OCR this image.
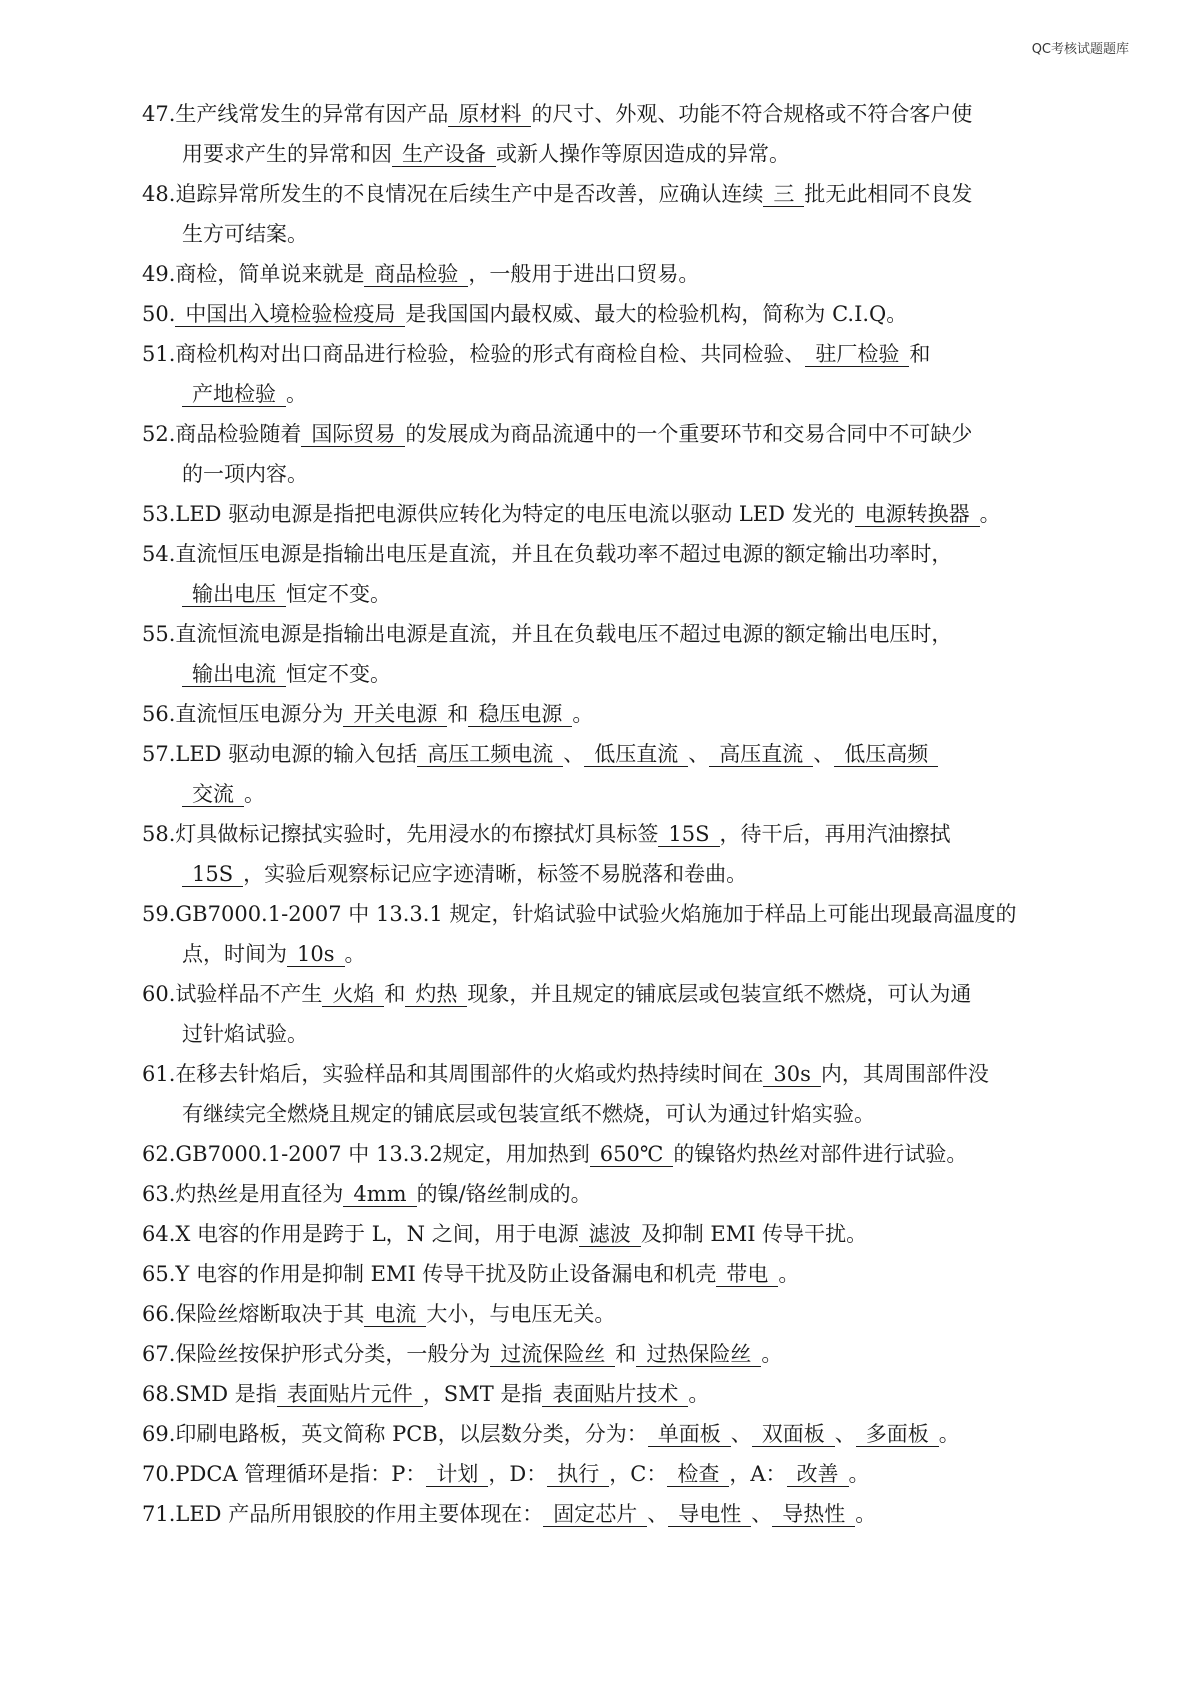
QC考核试题题库
47.生产线常发生的异常有因产品 原材料 的尺寸、外观、功能不符合规格或不符合客户使
用要求产生的异常和因 生产设备 或新人操作等原因造成的异常。
48.追踪异常所发生的不良情况在后续生产中是否改善，应确认连续 三 批无此相同不良发
生方可结案。
49.商检，简单说来就是 商品检验 ，一般用于进出口贸易。
50. 中国出入境检验检疫局 是我国国内最权威、最大的检验机构，简称为 C.I.Q。
51.商检机构对出口商品进行检验，检验的形式有商检自检、共同检验、 驻厂检验 和
产地检验 。
52.商品检验随着 国际贸易 的发展成为商品流通中的一个重要环节和交易合同中不可缺少
的一项内容。
53.LED 驱动电源是指把电源供应转化为特定的电压电流以驱动 LED 发光的 电源转换器 。
54.直流恒压电源是指输出电压是直流，并且在负载功率不超过电源的额定输出功率时，
输出电压 恒定不变。
55.直流恒流电源是指输出电源是直流，并且在负载电压不超过电源的额定输出电压时，
输出电流 恒定不变。
56.直流恒压电源分为 开关电源 和 稳压电源 。
57.LED 驱动电源的输入包括 高压工频电流 、 低压直流 、 高压直流 、 低压高频
交流 。
58.灯具做标记擦拭实验时，先用浸水的布擦拭灯具标签 15S ，待干后，再用汽油擦拭
15S ，实验后观察标记应字迹清晰，标签不易脱落和卷曲。
59.GB7000.1-2007 中 13.3.1 规定，针焰试验中试验火焰施加于样品上可能出现最高温度的
点，时间为 10s 。
60.试验样品不产生 火焰 和 灼热 现象，并且规定的铺底层或包装宣纸不燃烧，可认为通
过针焰试验。
61.在移去针焰后，实验样品和其周围部件的火焰或灼热持续时间在 30s 内，其周围部件没
有继续完全燃烧且规定的铺底层或包装宣纸不燃烧，可认为通过针焰实验。
62.GB7000.1-2007 中 13.3.2规定，用加热到 650℃ 的镍铬灼热丝对部件进行试验。
63.灼热丝是用直径为 4mm 的镍/铬丝制成的。
64.X 电容的作用是跨于 L，N 之间，用于电源 滤波 及抑制 EMI 传导干扰。
65.Y 电容的作用是抑制 EMI 传导干扰及防止设备漏电和机壳 带电 。
66.保险丝熔断取决于其 电流 大小，与电压无关。
67.保险丝按保护形式分类，一般分为 过流保险丝 和 过热保险丝 。
68.SMD 是指 表面贴片元件 ，SMT 是指 表面贴片技术 。
69.印刷电路板，英文简称 PCB，以层数分类，分为： 单面板 、 双面板 、 多面板 。
70.PDCA 管理循环是指：P： 计划 ，D： 执行 ，C： 检查 ，A： 改善 。
71.LED 产品所用银胶的作用主要体现在： 固定芯片 、 导电性 、 导热性 。
